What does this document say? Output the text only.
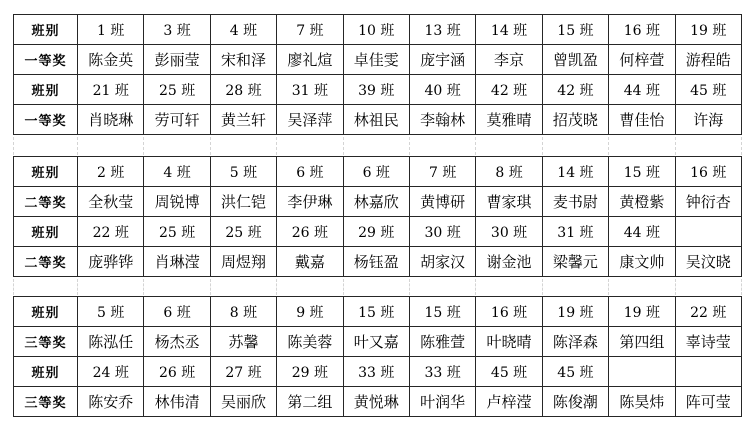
班别	1 班	3 班	4 班	7 班	10 班	13 班	14 班	15 班	16 班	19 班
一等奖	陈金英	彭丽莹	宋和泽	廖礼煊	卓佳雯	庞宇涵	李京	曾凯盈	何梓萱	游程皓
班别	21 班	25 班	28 班	31 班	39 班	40 班	42 班	42 班	44 班	45 班
一等奖	肖晓琳	劳可轩	黄兰轩	吴泽萍	林祖民	李翰林	莫雅晴	招茂晓	曹佳怡	许海
班别	2 班	4 班	5 班	6 班	6 班	7 班	8 班	14 班	15 班	16 班
二等奖	全秋莹	周锐博	洪仁铠	李伊琳	林嘉欣	黄博研	曹家琪	麦书尉	黄橙紫	钟衍杏
班别	22 班	25 班	25 班	26 班	29 班	30 班	30 班	31 班	44 班	
二等奖	庞骅铧	肖琳滢	周煜翔	戴嘉	杨钰盈	胡家汉	谢金池	梁馨元	康文帅	吴汶晓
班别	5 班	6 班	8 班	9 班	15 班	15 班	16 班	19 班	19 班	22 班
三等奖	陈泓任	杨杰丞	苏馨	陈美蓉	叶又嘉	陈雅萱	叶晓晴	陈泽森	第四组	辜诗莹
班别	24 班	26 班	27 班	29 班	33 班	33 班	45 班	45 班		
三等奖	陈安乔	林伟清	吴丽欣	第二组	黄悦琳	叶润华	卢梓滢	陈俊潮	陈昊炜	阵可莹
